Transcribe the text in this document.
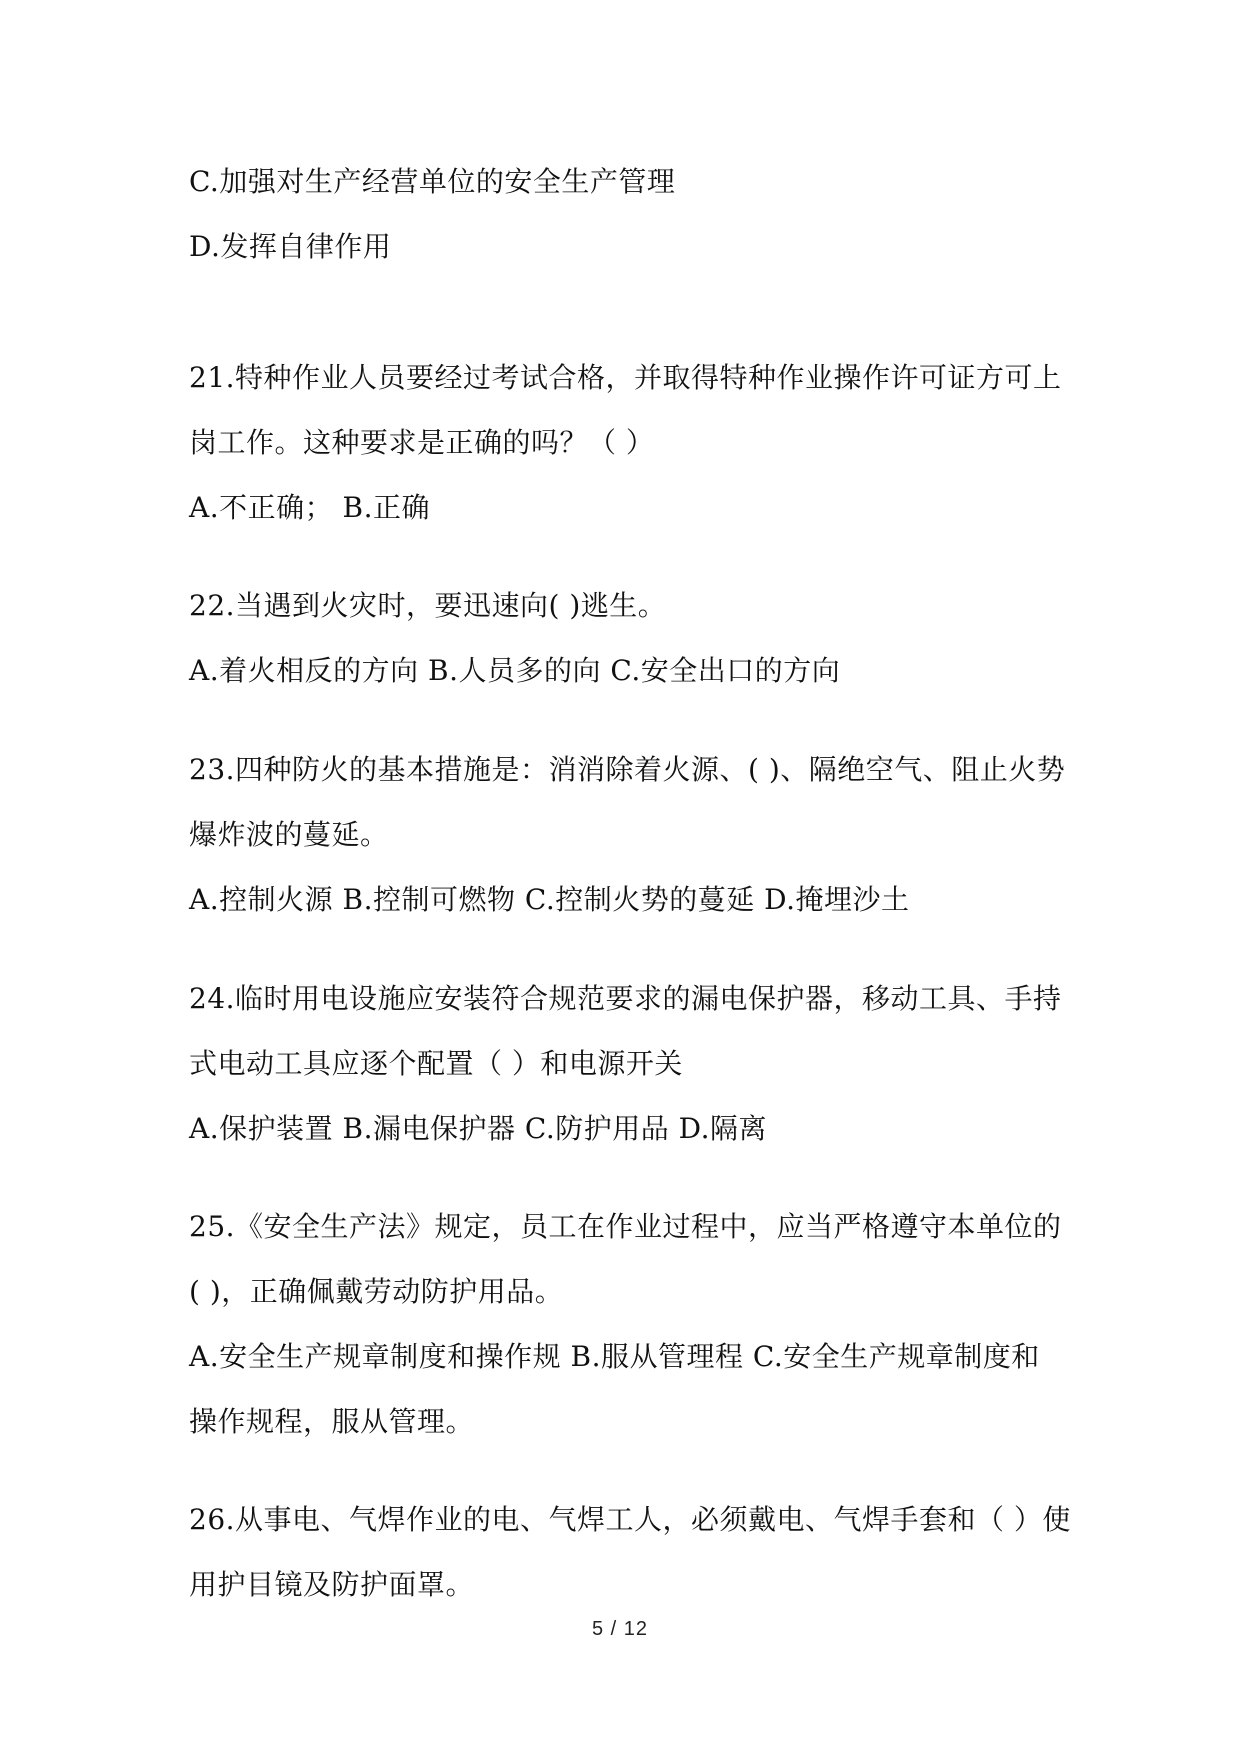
C.加强对生产经营单位的安全生产管理
D.发挥自律作用
21.特种作业人员要经过考试合格，并取得特种作业操作许可证方可上
岗工作。这种要求是正确的吗？（ ）
A.不正确； B.正确
22.当遇到火灾时，要迅速向( )逃生。
A.着火相反的方向 B.人员多的向 C.安全出口的方向
23.四种防火的基本措施是：消消除着火源、( )、隔绝空气、阻止火势
爆炸波的蔓延。
A.控制火源 B.控制可燃物 C.控制火势的蔓延 D.掩埋沙土
24.临时用电设施应安装符合规范要求的漏电保护器，移动工具、手持
式电动工具应逐个配置（ ）和电源开关
A.保护装置 B.漏电保护器 C.防护用品 D.隔离
25.《安全生产法》规定，员工在作业过程中，应当严格遵守本单位的
( )，正确佩戴劳动防护用品。
A.安全生产规章制度和操作规 B.服从管理程 C.安全生产规章制度和
操作规程，服从管理。
26.从事电、气焊作业的电、气焊工人，必须戴电、气焊手套和（ ）使
用护目镜及防护面罩。
5 / 12
